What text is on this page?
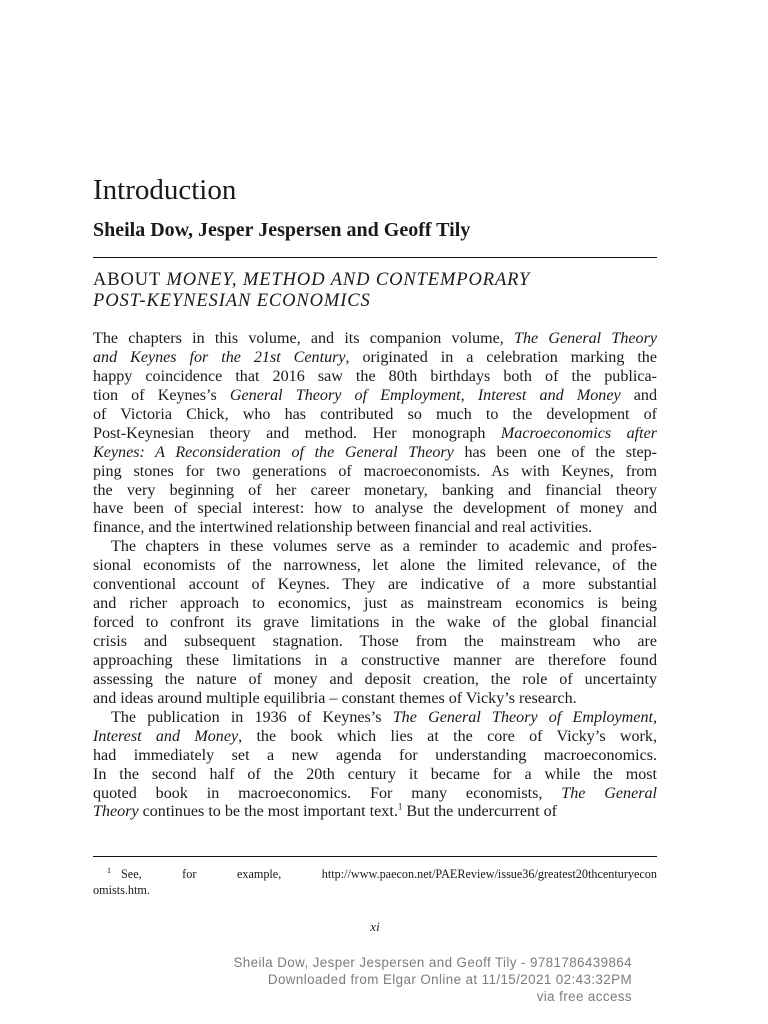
Introduction
Sheila Dow, Jesper Jespersen and Geoff Tily
ABOUT MONEY, METHOD AND CONTEMPORARY
POST-KEYNESIAN ECONOMICS
The chapters in this volume, and its companion volume, The General Theory
and Keynes for the 21st Century, originated in a celebration marking the
happy coincidence that 2016 saw the 80th birthdays both of the publica-
tion of Keynes’s General Theory of Employment, Interest and Money and
of Victoria Chick, who has contributed so much to the development of
Post-Keynesian theory and method. Her monograph Macroeconomics after
Keynes: A Reconsideration of the General Theory has been one of the step-
ping stones for two generations of macroeconomists. As with Keynes, from
the very beginning of her career monetary, banking and financial theory
have been of special interest: how to analyse the development of money and
finance, and the intertwined relationship between financial and real activities.
The chapters in these volumes serve as a reminder to academic and profes-
sional economists of the narrowness, let alone the limited relevance, of the
conventional account of Keynes. They are indicative of a more substantial
and richer approach to economics, just as mainstream economics is being
forced to confront its grave limitations in the wake of the global financial
crisis and subsequent stagnation. Those from the mainstream who are
approaching these limitations in a constructive manner are therefore found
assessing the nature of money and deposit creation, the role of uncertainty
and ideas around multiple equilibria – constant themes of Vicky’s research.
The publication in 1936 of Keynes’s The General Theory of Employment,
Interest and Money, the book which lies at the core of Vicky’s work,
had immediately set a new agenda for understanding macroeconomics.
In the second half of the 20th century it became for a while the most
quoted book in macroeconomics. For many economists, The General
Theory continues to be the most important text.$^1$ But the undercurrent of
$^1$ See, for example, http://www.paecon.net/PAEReview/issue36/greatest20thcenturyecon
omists.htm.
xi
Sheila Dow, Jesper Jespersen and Geoff Tily - 9781786439864
Downloaded from Elgar Online at 11/15/2021 02:43:32PM
via free access
